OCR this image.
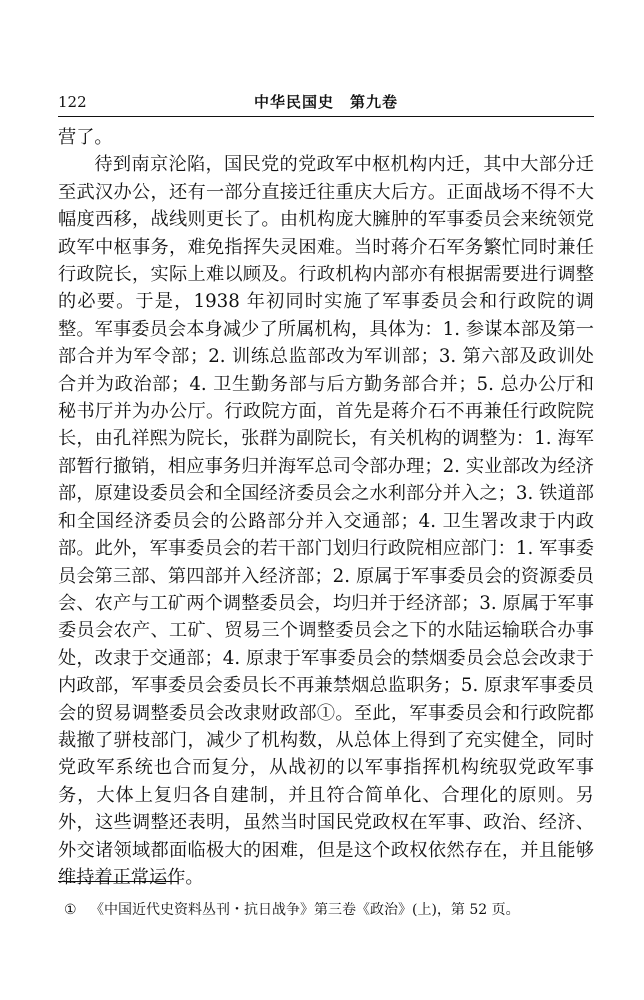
122	中华民国史　第九卷

营了。

待到南京沦陷，国民党的党政军中枢机构内迁，其中大部分迁至武汉办公，还有一部分直接迁往重庆大后方。正面战场不得不大幅度西移，战线则更长了。由机构庞大臃肿的军事委员会来统领党政军中枢事务，难免指挥失灵困难。当时蒋介石军务繁忙同时兼任行政院长，实际上难以顾及。行政机构内部亦有根据需要进行调整的必要。于是，1938 年初同时实施了军事委员会和行政院的调整。军事委员会本身减少了所属机构，具体为：1. 参谋本部及第一部合并为军令部；2. 训练总监部改为军训部；3. 第六部及政训处合并为政治部；4. 卫生勤务部与后方勤务部合并；5. 总办公厅和秘书厅并为办公厅。行政院方面，首先是蒋介石不再兼任行政院院长，由孔祥熙为院长，张群为副院长，有关机构的调整为：1. 海军部暂行撤销，相应事务归并海军总司令部办理；2. 实业部改为经济部，原建设委员会和全国经济委员会之水利部分并入之；3. 铁道部和全国经济委员会的公路部分并入交通部；4. 卫生署改隶于内政部。此外，军事委员会的若干部门划归行政院相应部门：1. 军事委员会第三部、第四部并入经济部；2. 原属于军事委员会的资源委员会、农产与工矿两个调整委员会，均归并于经济部；3. 原属于军事委员会农产、工矿、贸易三个调整委员会之下的水陆运输联合办事处，改隶于交通部；4. 原隶于军事委员会的禁烟委员会总会改隶于内政部，军事委员会委员长不再兼禁烟总监职务；5. 原隶军事委员会的贸易调整委员会改隶财政部①。至此，军事委员会和行政院都裁撤了骈枝部门，减少了机构数，从总体上得到了充实健全，同时党政军系统也合而复分，从战初的以军事指挥机构统驭党政军事务，大体上复归各自建制，并且符合简单化、合理化的原则。另外，这些调整还表明，虽然当时国民党政权在军事、政治、经济、外交诸领域都面临极大的困难，但是这个政权依然存在，并且能够维持着正常运作。

① 《中国近代史资料丛刊・抗日战争》第三卷《政治》(上)，第 52 页。
